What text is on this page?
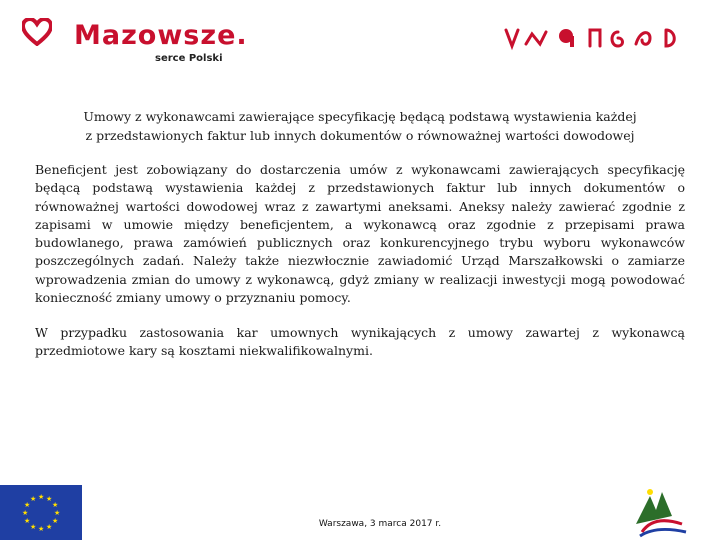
Mazowsze.
serce Polski
Umowy z wykonawcami zawierające specyfikację będącą podstawą wystawienia każdej
z przedstawionych faktur lub innych dokumentów o równoważnej wartości dowodowej
Beneficjent jest zobowiązany do dostarczenia umów z wykonawcami zawierających specyfikację będącą podstawą wystawienia każdej z przedstawionych faktur lub innych dokumentów o równoważnej wartości dowodowej wraz z zawartymi aneksami. Aneksy należy zawierać zgodnie z zapisami w umowie między beneficjentem, a wykonawcą oraz zgodnie z przepisami prawa budowlanego, prawa zamówień publicznych oraz konkurencyjnego trybu wyboru wykonawców poszczególnych zadań. Należy także niezwłocznie zawiadomić Urząd Marszałkowski o zamiarze wprowadzenia zmian do umowy z wykonawcą, gdyż zmiany w realizacji inwestycji mogą powodować konieczność zmiany umowy o przyznaniu pomocy.
W przypadku zastosowania kar umownych wynikających z umowy zawartej z wykonawcą przedmiotowe kary są kosztami niekwalifikowalnymi.
★ ★
★
★
★
★
★
★
★
★
★
★
Warszawa, 3 marca 2017 r.
